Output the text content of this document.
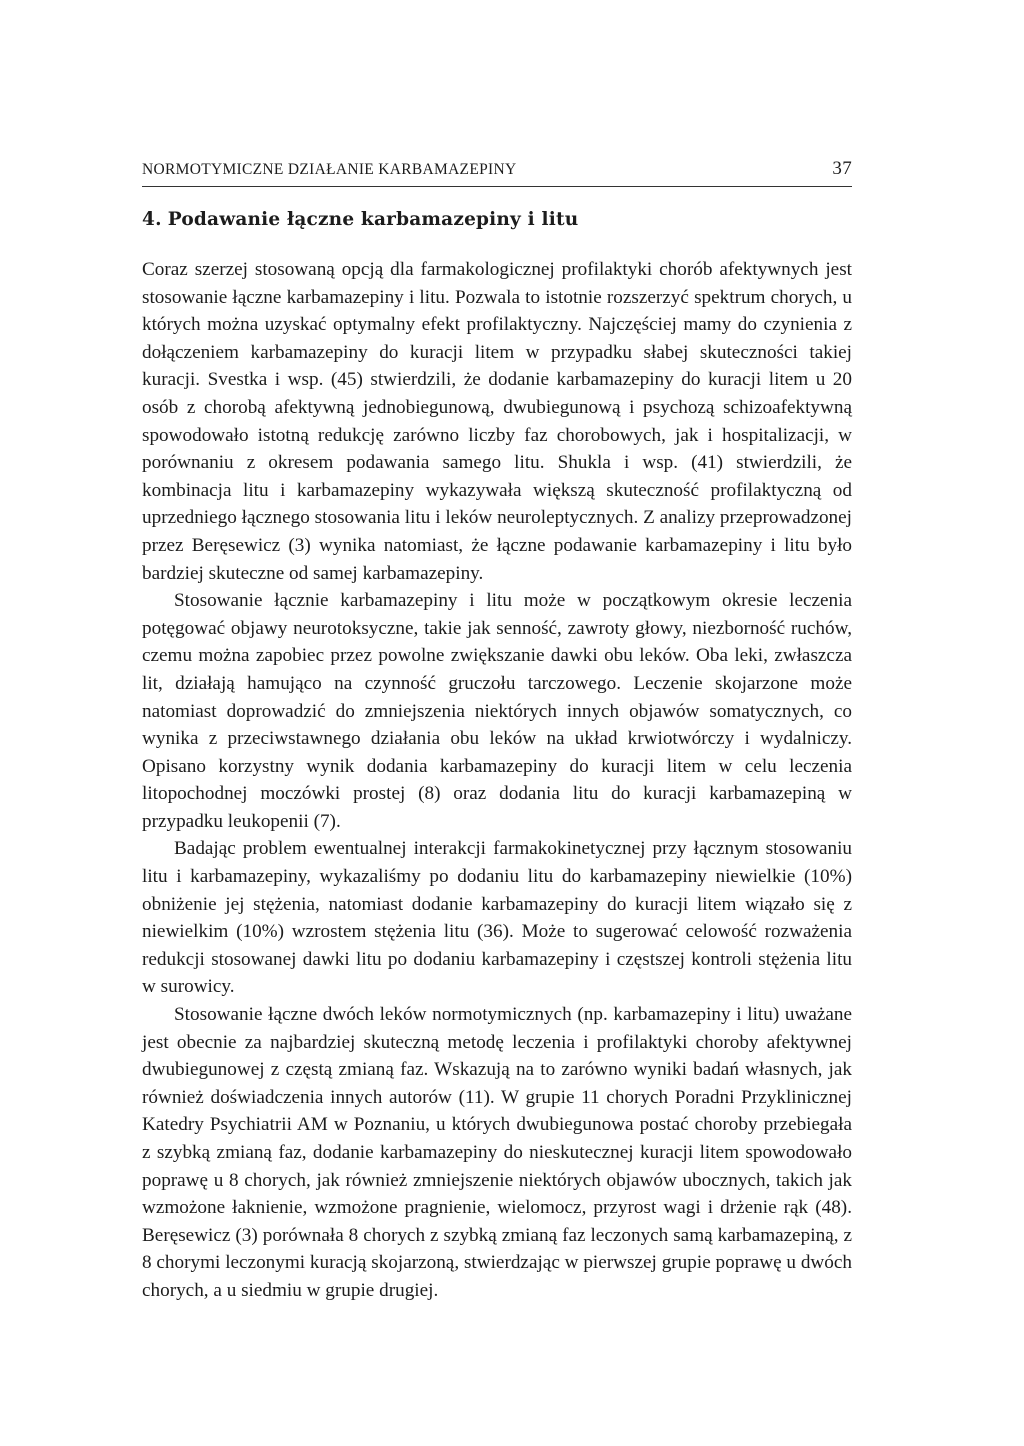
NORMOTYMICZNE DZIAŁANIE KARBAMAZEPINY	37
4. Podawanie łączne karbamazepiny i litu

Coraz szerzej stosowaną opcją dla farmakologicznej profilaktyki chorób afektywnych jest stosowanie łączne karbamazepiny i litu. Pozwala to istotnie rozszerzyć spektrum chorych, u których można uzyskać optymalny efekt profilaktyczny. Najczęściej mamy do czynienia z dołączeniem karbamazepiny do kuracji litem w przypadku słabej skuteczności takiej kuracji. Svestka i wsp. (45) stwierdzili, że dodanie karbamazepiny do kuracji litem u 20 osób z chorobą afektywną jednobiegunową, dwubiegunową i psychozą schizoafektywną spowodowało istotną redukcję zarówno liczby faz chorobowych, jak i hospitalizacji, w porównaniu z okresem podawania samego litu. Shukla i wsp. (41) stwierdzili, że kombinacja litu i karbamazepiny wykazywała większą skuteczność profilaktyczną od uprzedniego łącznego stosowania litu i leków neuroleptycznych. Z analizy przeprowadzonej przez Beręsewicz (3) wynika natomiast, że łączne podawanie karbamazepiny i litu było bardziej skuteczne od samej karbamazepiny.

Stosowanie łącznie karbamazepiny i litu może w początkowym okresie leczenia potęgować objawy neurotoksyczne, takie jak senność, zawroty głowy, niezborność ruchów, czemu można zapobiec przez powolne zwiększanie dawki obu leków. Oba leki, zwłaszcza lit, działają hamująco na czynność gruczołu tarczowego. Leczenie skojarzone może natomiast doprowadzić do zmniejszenia niektórych innych objawów somatycznych, co wynika z przeciwstawnego działania obu leków na układ krwiotwórczy i wydalniczy. Opisano korzystny wynik dodania karbamazepiny do kuracji litem w celu leczenia litopochodnej moczówki prostej (8) oraz dodania litu do kuracji karbamazepiną w przypadku leukopenii (7).

Badając problem ewentualnej interakcji farmakokinetycznej przy łącznym stosowaniu litu i karbamazepiny, wykazaliśmy po dodaniu litu do karbamazepiny niewielkie (10%) obniżenie jej stężenia, natomiast dodanie karbamazepiny do kuracji litem wiązało się z niewielkim (10%) wzrostem stężenia litu (36). Może to sugerować celowość rozważenia redukcji stosowanej dawki litu po dodaniu karbamazepiny i częstszej kontroli stężenia litu w surowicy.

Stosowanie łączne dwóch leków normotymicznych (np. karbamazepiny i litu) uważane jest obecnie za najbardziej skuteczną metodę leczenia i profilaktyki choroby afektywnej dwubiegunowej z częstą zmianą faz. Wskazują na to zarówno wyniki badań własnych, jak również doświadczenia innych autorów (11). W grupie 11 chorych Poradni Przyklinicznej Katedry Psychiatrii AM w Poznaniu, u których dwubiegunowa postać choroby przebiegała z szybką zmianą faz, dodanie karbamazepiny do nieskutecznej kuracji litem spowodowało poprawę u 8 chorych, jak również zmniejszenie niektórych objawów ubocznych, takich jak wzmożone łaknienie, wzmożone pragnienie, wielomocz, przyrost wagi i drżenie rąk (48). Beręsewicz (3) porównała 8 chorych z szybką zmianą faz leczonych samą karbamazepiną, z 8 chorymi leczonymi kuracją skojarzoną, stwierdzając w pierwszej grupie poprawę u dwóch chorych, a u siedmiu w grupie drugiej.
